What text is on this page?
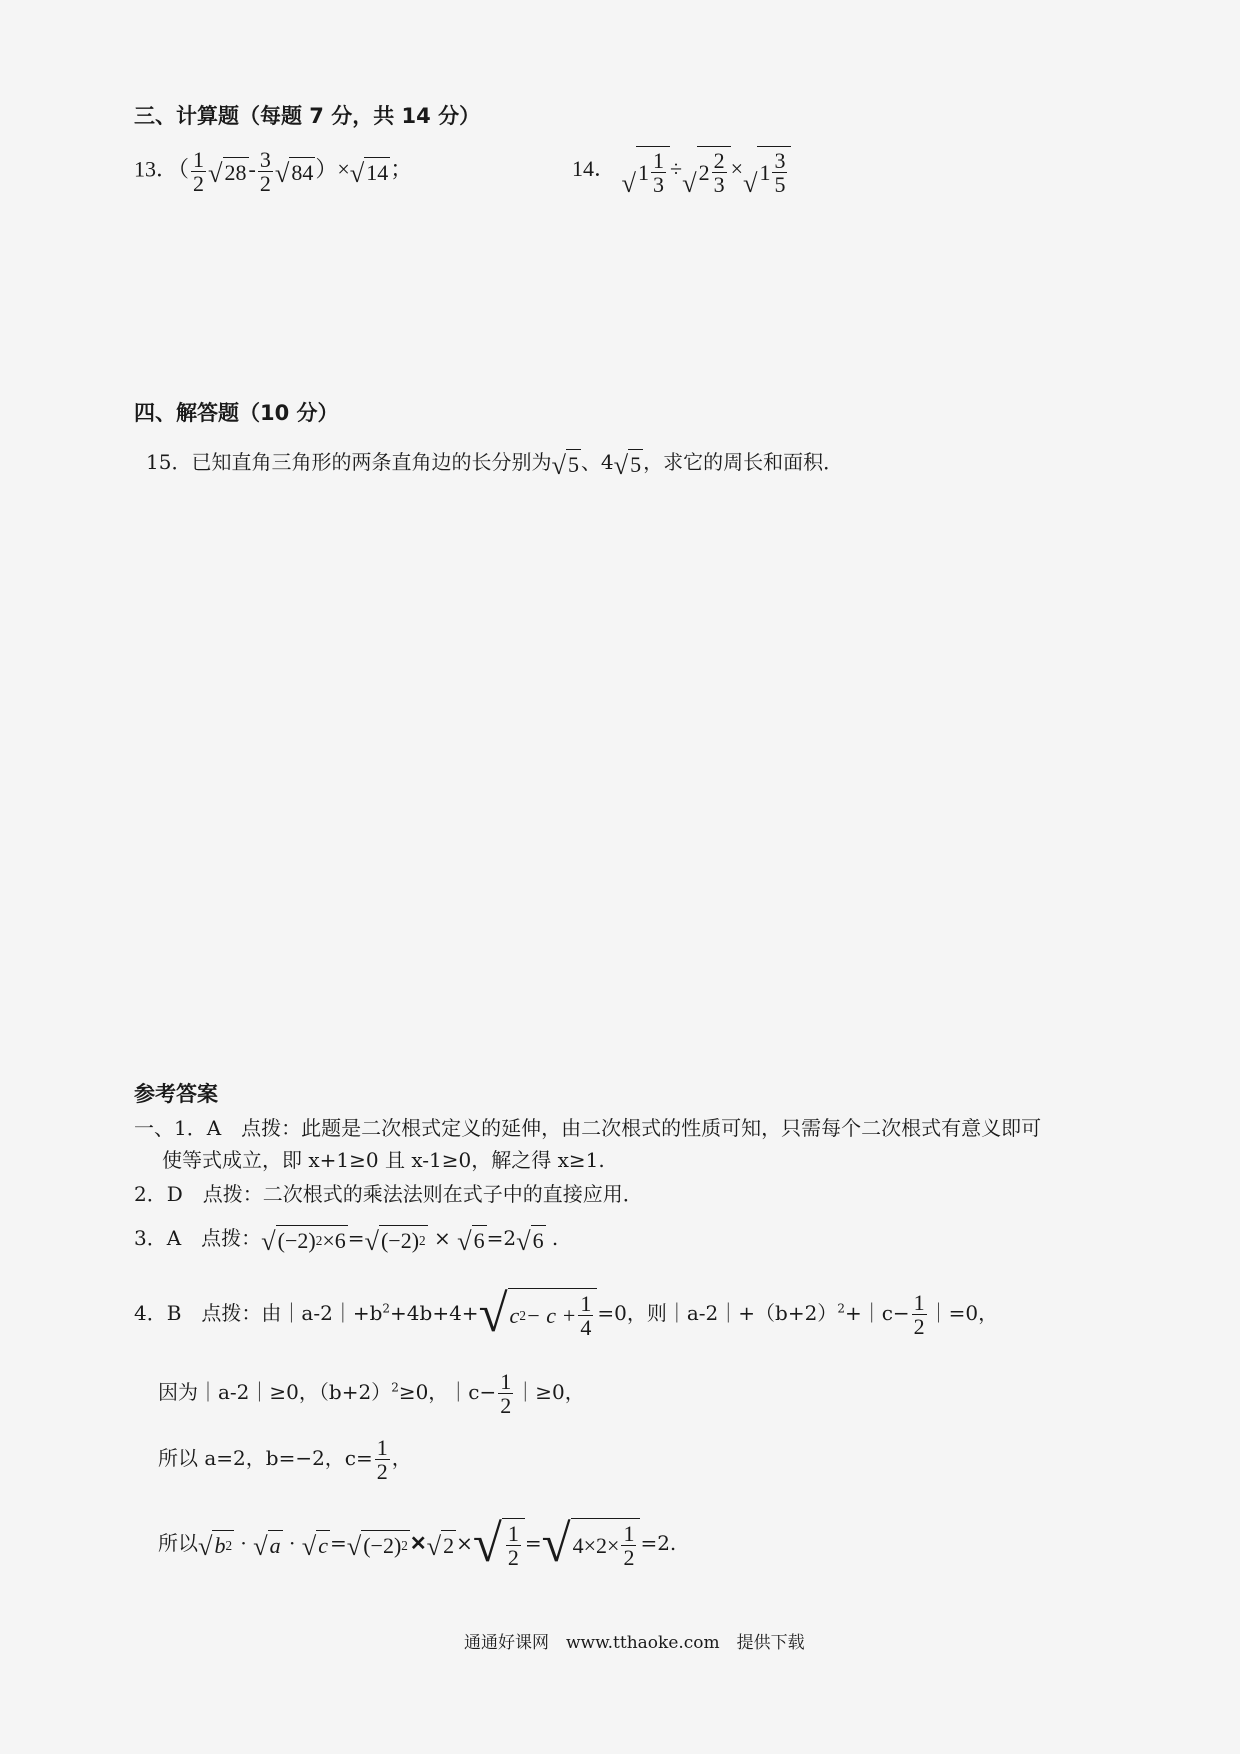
三、计算题（每题 7 分，共 14 分）
13．（ $\frac{1}{2}$ √ $28 - \frac{3}{2}$ √ 84 ）× √ 14 ；	14． √ $1 \frac{1}{3}$ ÷ √ $2 \frac{2}{3}$ × √ $1 \frac{3}{5}$
四、解答题（10 分）
15．已知直角三角形的两条直角边的长分别为 √ 5 、4 √ 5 ，求它的周长和面积．
参考答案
一、1．A　点拨：此题是二次根式定义的延伸，由二次根式的性质可知，只需每个二次根式有意义即可
使等式成立，即 x+1≥0 且 x-1≥0，解之得 x≥1.
2．D　点拨：二次根式的乘法法则在式子中的直接应用．
3．A　点拨： √ (−2) 2 ×6 = √ (−2) 2 × √ 6 =2 √ 6 .
4．B　点拨：由$|a-2|+b^2+4b+4+$ √ c $2 - c + \frac{1}{4} =0$，则$|a-2|+(b+2)^2+|c- \frac{1}{2}$ ｜=0，
因为｜a-2｜≥0，$(b+2)^2\ge 0$，｜c− $\frac{1}{2}$ ｜≥0，
所以 a=2，b=−2，$c= \frac{1}{2}$ ，
所以 √ b 2 · √ a · √ c = √ (−2) 2 ✕ √ 2 × √ $\frac{1}{2}$ = √ $4\times 2\times \frac{1}{2} =2$.
通通好课网　www.tthaoke.com　提供下载
